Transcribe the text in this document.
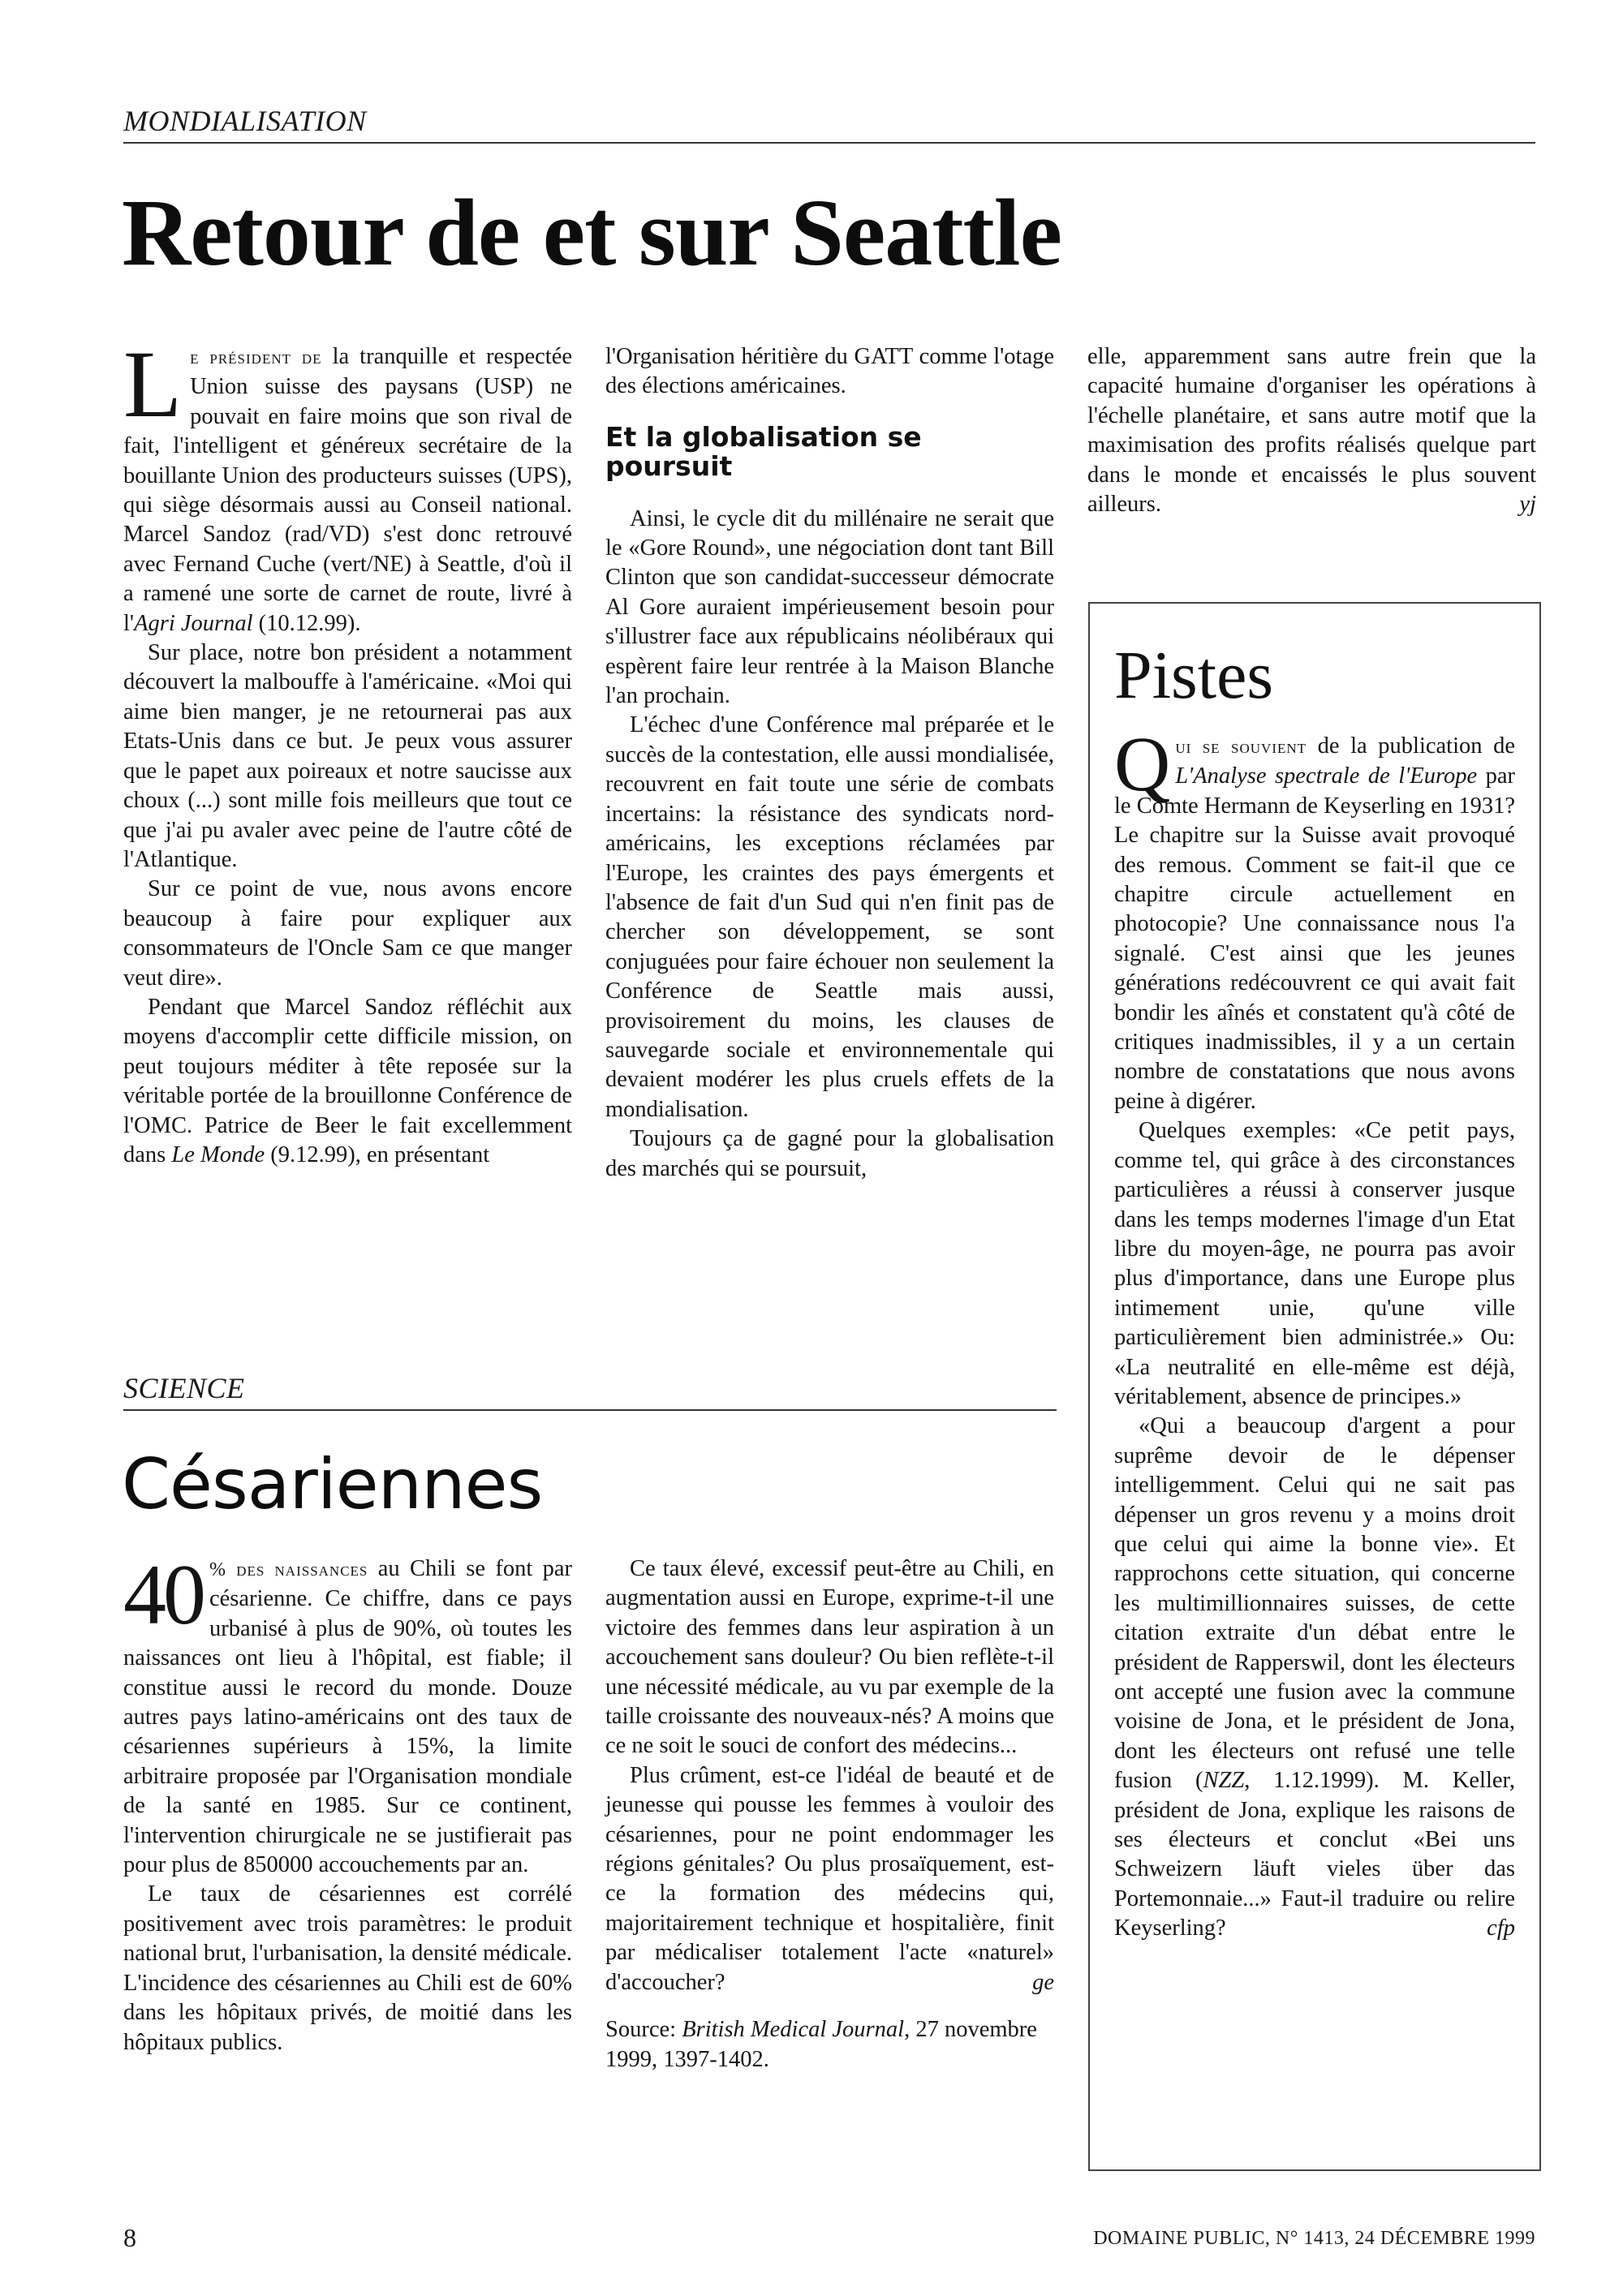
MONDIALISATION
Retour de et sur Seattle

Le président de la tranquille et respectée Union suisse des paysans (USP) ne pouvait en faire moins que son rival de fait, l'intelligent et généreux secrétaire de la bouillante Union des producteurs suisses (UPS), qui siège désormais aussi au Conseil national. Marcel Sandoz (rad/VD) s'est donc retrouvé avec Fernand Cuche (vert/NE) à Seattle, d'où il a ramené une sorte de carnet de route, livré à l'Agri Journal (10.12.99).

Sur place, notre bon président a notamment découvert la malbouffe à l'américaine. «Moi qui aime bien manger, je ne retournerai pas aux Etats-Unis dans ce but. Je peux vous assurer que le papet aux poireaux et notre saucisse aux choux (...) sont mille fois meilleurs que tout ce que j'ai pu avaler avec peine de l'autre côté de l'Atlantique.

Sur ce point de vue, nous avons encore beaucoup à faire pour expliquer aux consommateurs de l'Oncle Sam ce que manger veut dire».

Pendant que Marcel Sandoz réfléchit aux moyens d'accomplir cette difficile mission, on peut toujours méditer à tête reposée sur la véritable portée de la brouillonne Conférence de l'OMC. Patrice de Beer le fait excellemment dans Le Monde (9.12.99), en présentant

l'Organisation héritière du GATT comme l'otage des élections américaines.

Et la globalisation se poursuit

Ainsi, le cycle dit du millénaire ne serait que le «Gore Round», une négociation dont tant Bill Clinton que son candidat-successeur démocrate Al Gore auraient impérieusement besoin pour s'illustrer face aux républicains néolibéraux qui espèrent faire leur rentrée à la Maison Blanche l'an prochain.

L'échec d'une Conférence mal préparée et le succès de la contestation, elle aussi mondialisée, recouvrent en fait toute une série de combats incertains: la résistance des syndicats nord-américains, les exceptions réclamées par l'Europe, les craintes des pays émergents et l'absence de fait d'un Sud qui n'en finit pas de chercher son développement, se sont conjuguées pour faire échouer non seulement la Conférence de Seattle mais aussi, provisoirement du moins, les clauses de sauvegarde sociale et environnementale qui devaient modérer les plus cruels effets de la mondialisation.

Toujours ça de gagné pour la globalisation des marchés qui se poursuit,

elle, apparemment sans autre frein que la capacité humaine d'organiser les opérations à l'échelle planétaire, et sans autre motif que la maximisation des profits réalisés quelque part dans le monde et encaissés le plus souvent ailleurs.	yj
Pistes

Qui se souvient de la publication de L'Analyse spectrale de l'Europe par le Comte Hermann de Keyserling en 1931? Le chapitre sur la Suisse avait provoqué des remous. Comment se fait-il que ce chapitre circule actuellement en photocopie? Une connaissance nous l'a signalé. C'est ainsi que les jeunes générations redécouvrent ce qui avait fait bondir les aînés et constatent qu'à côté de critiques inadmissibles, il y a un certain nombre de constatations que nous avons peine à digérer.

Quelques exemples: «Ce petit pays, comme tel, qui grâce à des circonstances particulières a réussi à conserver jusque dans les temps modernes l'image d'un Etat libre du moyen-âge, ne pourra pas avoir plus d'importance, dans une Europe plus intimement unie, qu'une ville particulièrement bien administrée.» Ou: «La neutralité en elle-même est déjà, véritablement, absence de principes.»

«Qui a beaucoup d'argent a pour suprême devoir de le dépenser intelligemment. Celui qui ne sait pas dépenser un gros revenu y a moins droit que celui qui aime la bonne vie». Et rapprochons cette situation, qui concerne les multimillionnaires suisses, de cette citation extraite d'un débat entre le président de Rapperswil, dont les électeurs ont accepté une fusion avec la commune voisine de Jona, et le président de Jona, dont les électeurs ont refusé une telle fusion (NZZ, 1.12.1999). M. Keller, président de Jona, explique les raisons de ses électeurs et conclut «Bei uns Schweizern läuft vieles über das Portemonnaie...» Faut-il traduire ou relire Keyserling?	cfp

SCIENCE
Césariennes

40 % des naissances au Chili se font par césarienne. Ce chiffre, dans ce pays urbanisé à plus de 90%, où toutes les naissances ont lieu à l'hôpital, est fiable; il constitue aussi le record du monde. Douze autres pays latino-américains ont des taux de césariennes supérieurs à 15%, la limite arbitraire proposée par l'Organisation mondiale de la santé en 1985. Sur ce continent, l'intervention chirurgicale ne se justifierait pas pour plus de 850000 accouchements par an.

Le taux de césariennes est corrélé positivement avec trois paramètres: le produit national brut, l'urbanisation, la densité médicale. L'incidence des césariennes au Chili est de 60% dans les hôpitaux privés, de moitié dans les hôpitaux publics.

Ce taux élevé, excessif peut-être au Chili, en augmentation aussi en Europe, exprime-t-il une victoire des femmes dans leur aspiration à un accouchement sans douleur? Ou bien reflète-t-il une nécessité médicale, au vu par exemple de la taille croissante des nouveaux-nés? A moins que ce ne soit le souci de confort des médecins...

Plus crûment, est-ce l'idéal de beauté et de jeunesse qui pousse les femmes à vouloir des césariennes, pour ne point endommager les régions génitales? Ou plus prosaïquement, est-ce la formation des médecins qui, majoritairement technique et hospitalière, finit par médicaliser totalement l'acte «naturel» d'accoucher?	ge

Source: British Medical Journal, 27 novembre 1999, 1397-1402.

8	DOMAINE PUBLIC, N° 1413, 24 DÉCEMBRE 1999
